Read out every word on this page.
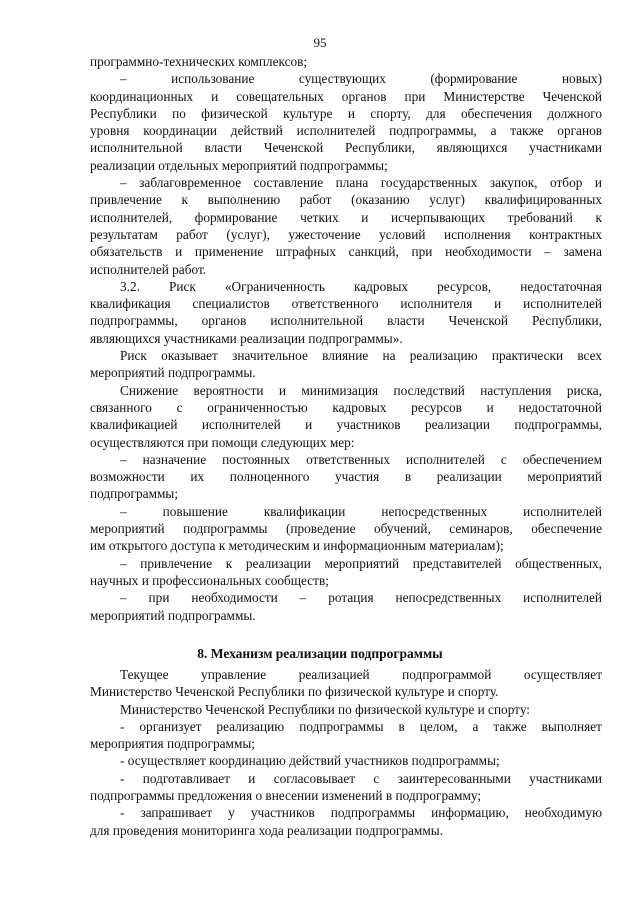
95
программно-технических комплексов;
– использование существующих (формирование новых)
координационных и совещательных органов при Министерстве Чеченской
Республики по физической культуре и спорту, для обеспечения должного
уровня координации действий исполнителей подпрограммы, а также органов
исполнительной власти Чеченской Республики, являющихся участниками
реализации отдельных мероприятий подпрограммы;
– заблаговременное составление плана государственных закупок, отбор и
привлечение к выполнению работ (оказанию услуг) квалифицированных
исполнителей, формирование четких и исчерпывающих требований к
результатам работ (услуг), ужесточение условий исполнения контрактных
обязательств и применение штрафных санкций, при необходимости – замена
исполнителей работ.
3.2. Риск «Ограниченность кадровых ресурсов, недостаточная
квалификация специалистов ответственного исполнителя и исполнителей
подпрограммы, органов исполнительной власти Чеченской Республики,
являющихся участниками реализации подпрограммы».
Риск оказывает значительное влияние на реализацию практически всех
мероприятий подпрограммы.
Снижение вероятности и минимизация последствий наступления риска,
связанного с ограниченностью кадровых ресурсов и недостаточной
квалификацией исполнителей и участников реализации подпрограммы,
осуществляются при помощи следующих мер:
– назначение постоянных ответственных исполнителей с обеспечением
возможности их полноценного участия в реализации мероприятий
подпрограммы;
– повышение квалификации непосредственных исполнителей
мероприятий подпрограммы (проведение обучений, семинаров, обеспечение
им открытого доступа к методическим и информационным материалам);
– привлечение к реализации мероприятий представителей общественных,
научных и профессиональных сообществ;
– при необходимости – ротация непосредственных исполнителей
мероприятий подпрограммы.
8. Механизм реализации подпрограммы
Текущее управление реализацией подпрограммой осуществляет
Министерство Чеченской Республики по физической культуре и спорту.
Министерство Чеченской Республики по физической культуре и спорту:
- организует реализацию подпрограммы в целом, а также выполняет
мероприятия подпрограммы;
- осуществляет координацию действий участников подпрограммы;
- подготавливает и согласовывает с заинтересованными участниками
подпрограммы предложения о внесении изменений в подпрограмму;
- запрашивает у участников подпрограммы информацию, необходимую
для проведения мониторинга хода реализации подпрограммы.
